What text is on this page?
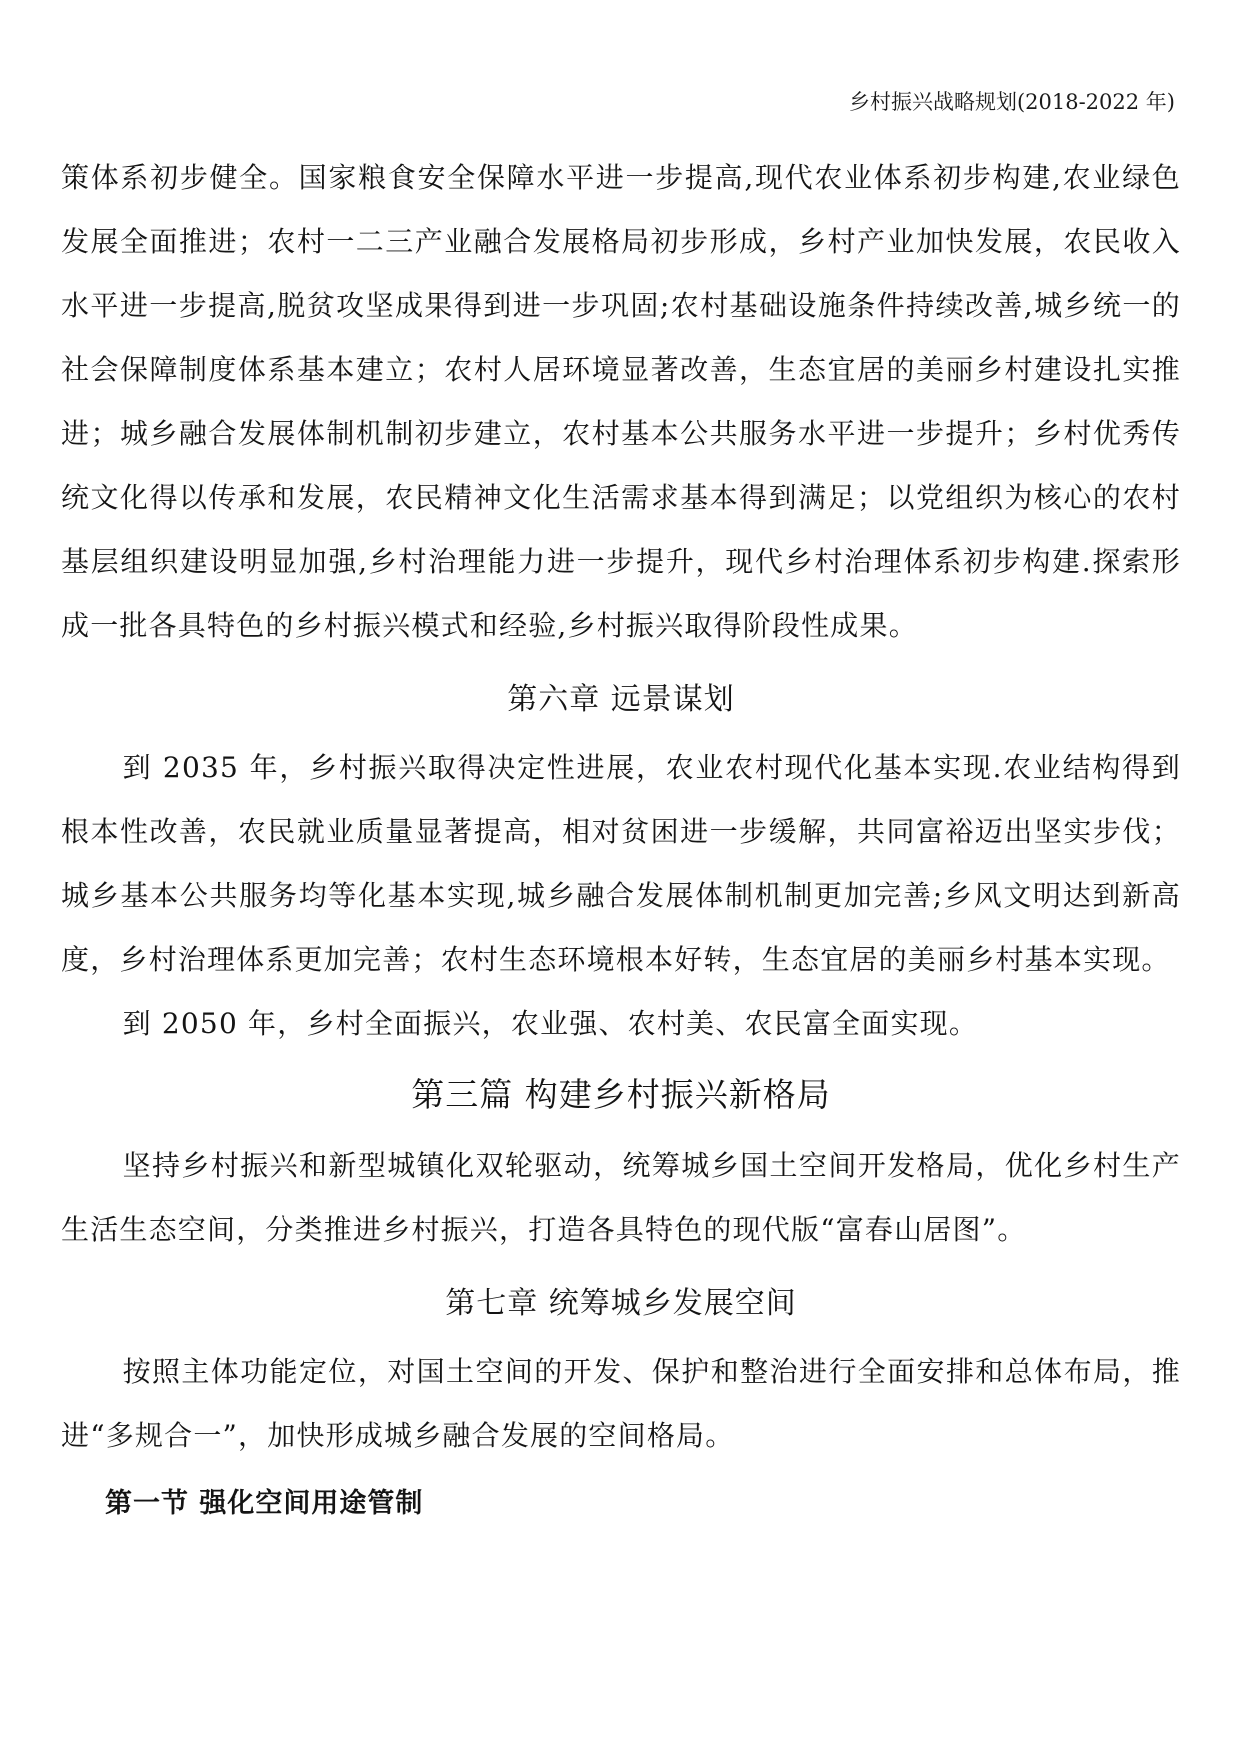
乡村振兴战略规划(2018-2022 年)

策体系初步健全。国家粮食安全保障水平进一步提高,现代农业体系初步构建,农业绿色发展全面推进；农村一二三产业融合发展格局初步形成，乡村产业加快发展，农民收入水平进一步提高,脱贫攻坚成果得到进一步巩固;农村基础设施条件持续改善,城乡统一的社会保障制度体系基本建立；农村人居环境显著改善，生态宜居的美丽乡村建设扎实推进；城乡融合发展体制机制初步建立，农村基本公共服务水平进一步提升；乡村优秀传统文化得以传承和发展，农民精神文化生活需求基本得到满足；以党组织为核心的农村基层组织建设明显加强,乡村治理能力进一步提升，现代乡村治理体系初步构建.探索形成一批各具特色的乡村振兴模式和经验,乡村振兴取得阶段性成果。

第六章 远景谋划

到 2035 年，乡村振兴取得决定性进展，农业农村现代化基本实现.农业结构得到根本性改善，农民就业质量显著提高，相对贫困进一步缓解，共同富裕迈出坚实步伐；城乡基本公共服务均等化基本实现,城乡融合发展体制机制更加完善;乡风文明达到新高度，乡村治理体系更加完善；农村生态环境根本好转，生态宜居的美丽乡村基本实现。

到 2050 年，乡村全面振兴，农业强、农村美、农民富全面实现。

第三篇 构建乡村振兴新格局

坚持乡村振兴和新型城镇化双轮驱动，统筹城乡国土空间开发格局，优化乡村生产生活生态空间，分类推进乡村振兴，打造各具特色的现代版“富春山居图”。

第七章 统筹城乡发展空间

按照主体功能定位，对国土空间的开发、保护和整治进行全面安排和总体布局，推进“多规合一”，加快形成城乡融合发展的空间格局。

第一节 强化空间用途管制
